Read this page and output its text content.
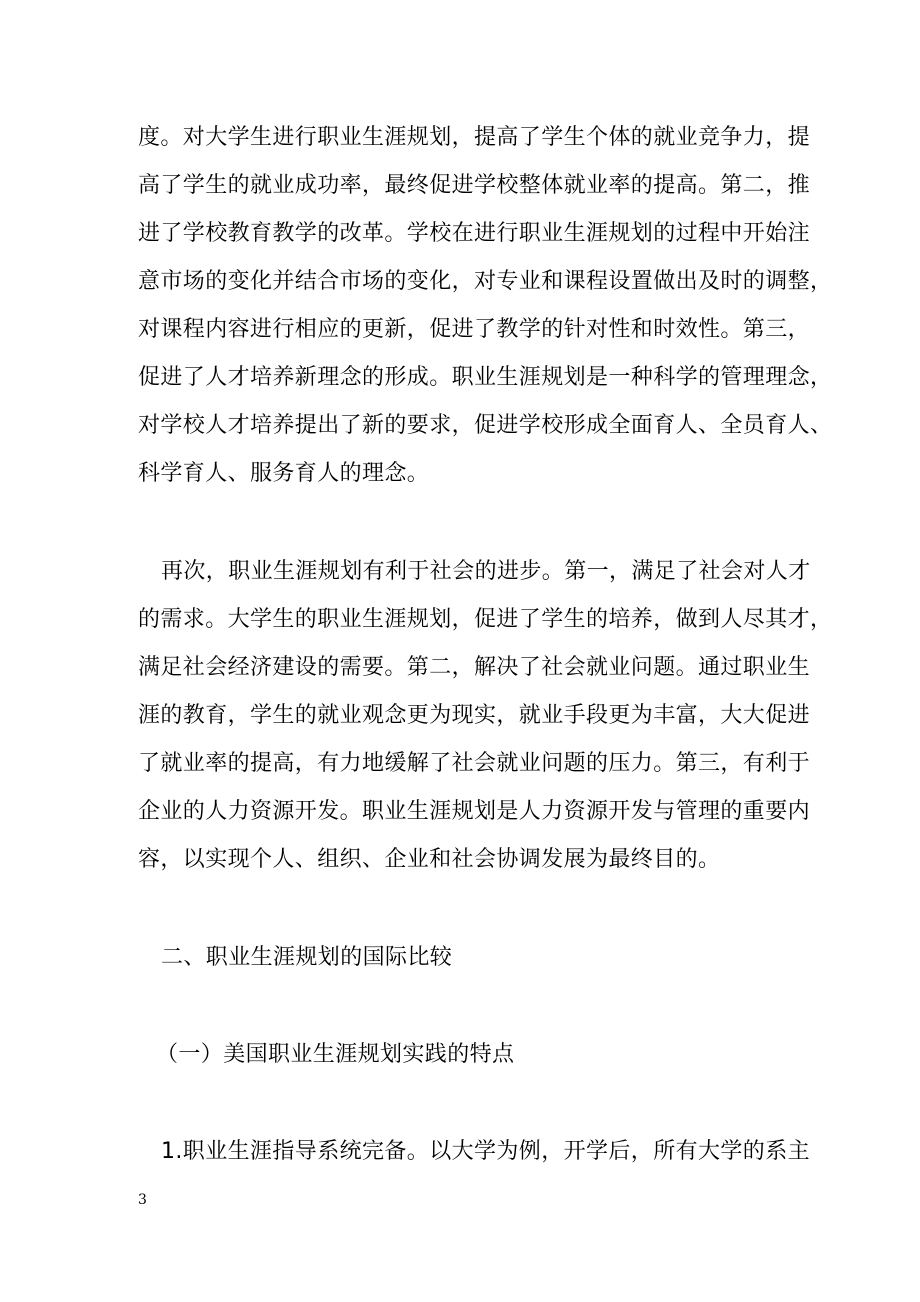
度。对大学生进行职业生涯规划，提高了学生个体的就业竞争力，提
高了学生的就业成功率，最终促进学校整体就业率的提高。第二，推
进了学校教育教学的改革。学校在进行职业生涯规划的过程中开始注
意市场的变化并结合市场的变化，对专业和课程设置做出及时的调整，
对课程内容进行相应的更新，促进了教学的针对性和时效性。第三，
促进了人才培养新理念的形成。职业生涯规划是一种科学的管理理念，
对学校人才培养提出了新的要求，促进学校形成全面育人、全员育人、
科学育人、服务育人的理念。
再次，职业生涯规划有利于社会的进步。第一，满足了社会对人才
的需求。大学生的职业生涯规划，促进了学生的培养，做到人尽其才，
满足社会经济建设的需要。第二，解决了社会就业问题。通过职业生
涯的教育，学生的就业观念更为现实，就业手段更为丰富，大大促进
了就业率的提高，有力地缓解了社会就业问题的压力。第三，有利于
企业的人力资源开发。职业生涯规划是人力资源开发与管理的重要内
容，以实现个人、组织、企业和社会协调发展为最终目的。
二、职业生涯规划的国际比较
（一）美国职业生涯规划实践的特点
1.职业生涯指导系统完备。以大学为例，开学后，所有大学的系主
3
